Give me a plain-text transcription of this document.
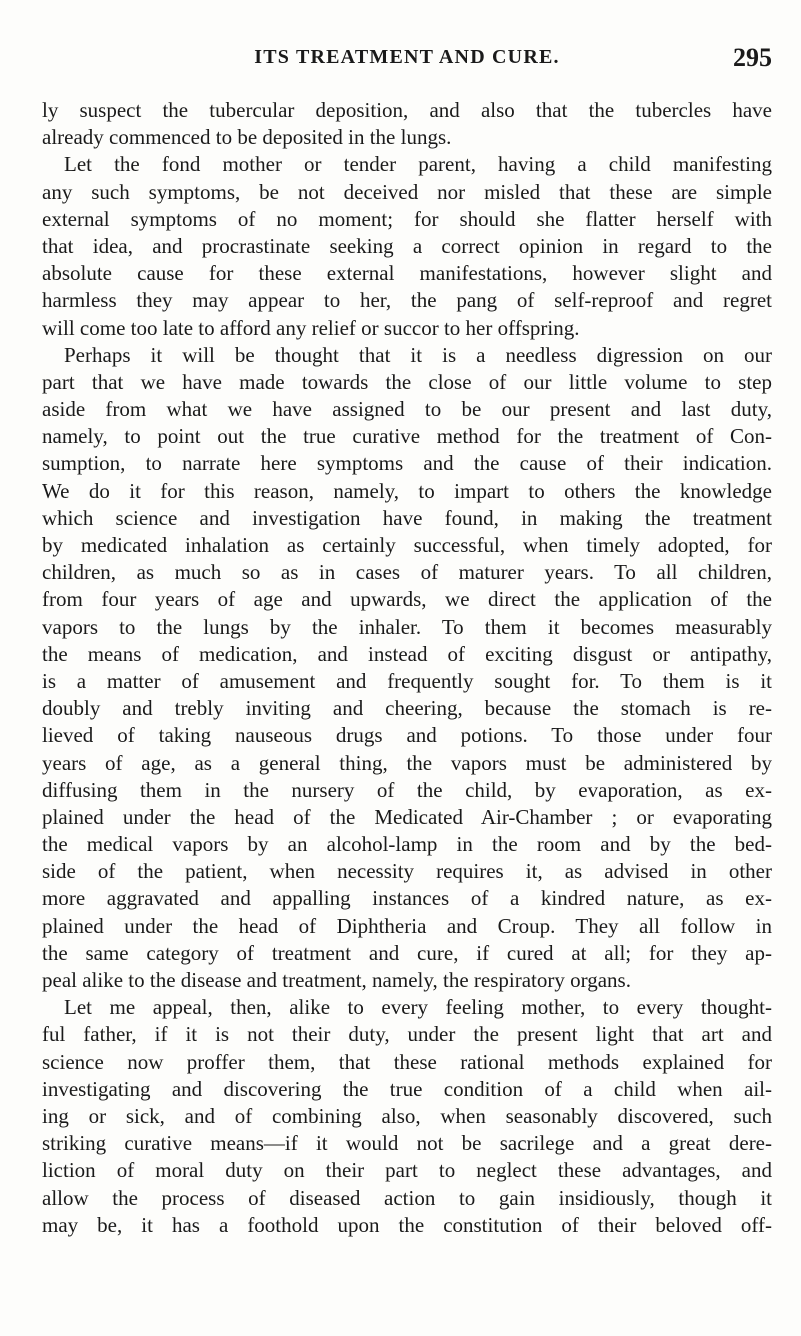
ITS TREATMENT AND CURE.	295
ly suspect the tubercular deposition, and also that the tubercles have
already commenced to be deposited in the lungs.
Let the fond mother or tender parent, having a child manifesting
any such symptoms, be not deceived nor misled that these are simple
external symptoms of no moment; for should she flatter herself with
that idea, and procrastinate seeking a correct opinion in regard to the
absolute cause for these external manifestations, however slight and
harmless they may appear to her, the pang of self-reproof and regret
will come too late to afford any relief or succor to her offspring.
Perhaps it will be thought that it is a needless digression on our
part that we have made towards the close of our little volume to step
aside from what we have assigned to be our present and last duty,
namely, to point out the true curative method for the treatment of Con-
sumption, to narrate here symptoms and the cause of their indication.
We do it for this reason, namely, to impart to others the knowledge
which science and investigation have found, in making the treatment
by medicated inhalation as certainly successful, when timely adopted, for
children, as much so as in cases of maturer years. To all children,
from four years of age and upwards, we direct the application of the
vapors to the lungs by the inhaler. To them it becomes measurably
the means of medication, and instead of exciting disgust or antipathy,
is a matter of amusement and frequently sought for. To them is it
doubly and trebly inviting and cheering, because the stomach is re-
lieved of taking nauseous drugs and potions. To those under four
years of age, as a general thing, the vapors must be administered by
diffusing them in the nursery of the child, by evaporation, as ex-
plained under the head of the Medicated Air-Chamber ; or evaporating
the medical vapors by an alcohol-lamp in the room and by the bed-
side of the patient, when necessity requires it, as advised in other
more aggravated and appalling instances of a kindred nature, as ex-
plained under the head of Diphtheria and Croup. They all follow in
the same category of treatment and cure, if cured at all; for they ap-
peal alike to the disease and treatment, namely, the respiratory organs.
Let me appeal, then, alike to every feeling mother, to every thought-
ful father, if it is not their duty, under the present light that art and
science now proffer them, that these rational methods explained for
investigating and discovering the true condition of a child when ail-
ing or sick, and of combining also, when seasonably discovered, such
striking curative means—if it would not be sacrilege and a great dere-
liction of moral duty on their part to neglect these advantages, and
allow the process of diseased action to gain insidiously, though it
may be, it has a foothold upon the constitution of their beloved off-
